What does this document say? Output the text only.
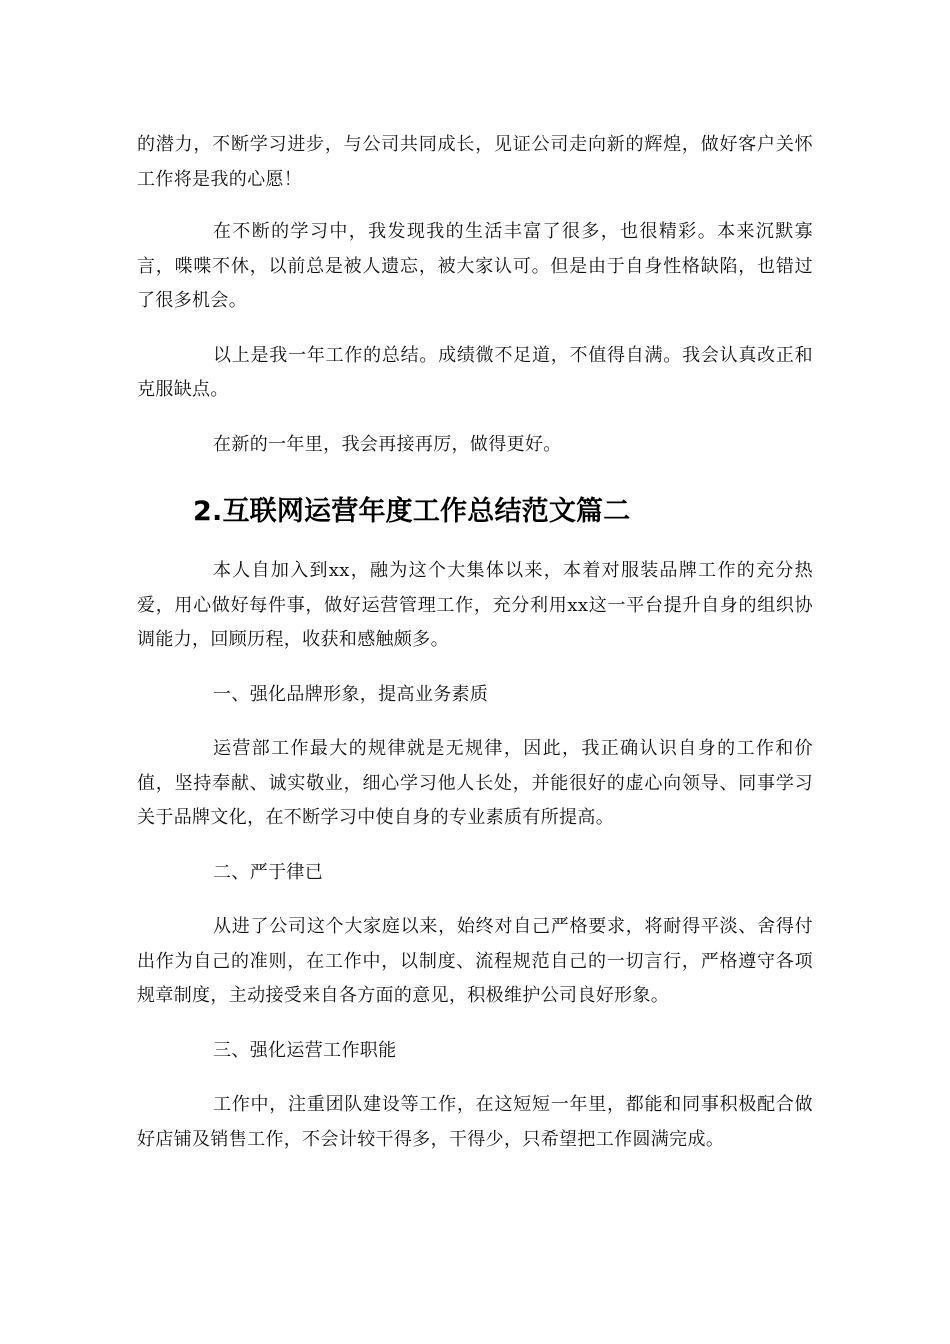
的潜力，不断学习进步，与公司共同成长，见证公司走向新的辉煌，做好客户关怀工作将是我的心愿！

在不断的学习中，我发现我的生活丰富了很多，也很精彩。本来沉默寡言，喋喋不休，以前总是被人遗忘，被大家认可。但是由于自身性格缺陷，也错过了很多机会。

以上是我一年工作的总结。成绩微不足道，不值得自满。我会认真改正和克服缺点。

在新的一年里，我会再接再厉，做得更好。

2.互联网运营年度工作总结范文篇二

本人自加入到xx，融为这个大集体以来，本着对服装品牌工作的充分热爱，用心做好每件事，做好运营管理工作，充分利用xx这一平台提升自身的组织协调能力，回顾历程，收获和感触颇多。

一、强化品牌形象，提高业务素质

运营部工作最大的规律就是无规律，因此，我正确认识自身的工作和价值，坚持奉献、诚实敬业，细心学习他人长处，并能很好的虚心向领导、同事学习关于品牌文化，在不断学习中使自身的专业素质有所提高。

二、严于律已

从进了公司这个大家庭以来，始终对自己严格要求，将耐得平淡、舍得付出作为自己的准则，在工作中，以制度、流程规范自己的一切言行，严格遵守各项规章制度，主动接受来自各方面的意见，积极维护公司良好形象。

三、强化运营工作职能

工作中，注重团队建设等工作，在这短短一年里，都能和同事积极配合做好店铺及销售工作，不会计较干得多，干得少，只希望把工作圆满完成。
